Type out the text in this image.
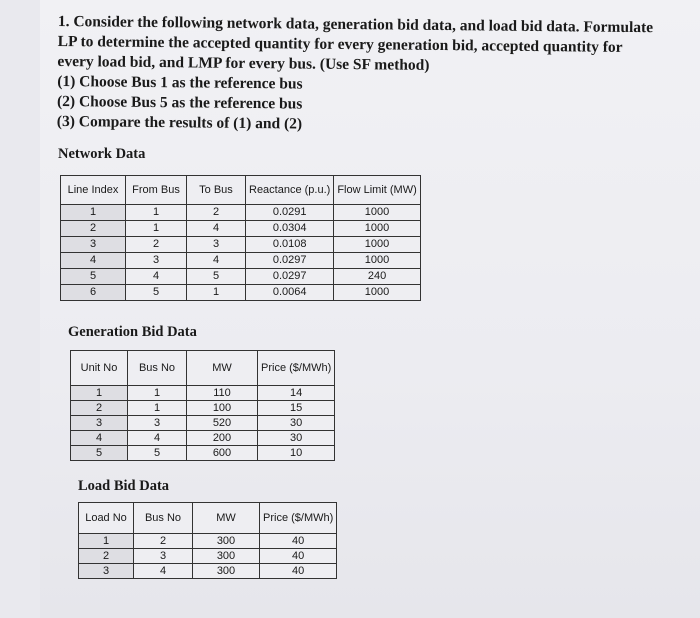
1. Consider the following network data, generation bid data, and load bid data. Formulate LP to determine the accepted quantity for every generation bid, accepted quantity for every load bid, and LMP for every bus. (Use SF method)

(1) Choose Bus 1 as the reference bus

(2) Choose Bus 5 as the reference bus

(3) Compare the results of (1) and (2)

Network Data
Line Index	From Bus	To Bus	Reactance (p.u.)	Flow Limit (MW)
1	1	2	0.0291	1000
2	1	4	0.0304	1000
3	2	3	0.0108	1000
4	3	4	0.0297	1000
5	4	5	0.0297	240
6	5	1	0.0064	1000
Generation Bid Data
Unit No	Bus No	MW	Price ($/MWh)
1	1	110	14
2	1	100	15
3	3	520	30
4	4	200	30
5	5	600	10
Load Bid Data
Load No	Bus No	MW	Price ($/MWh)
1	2	300	40
2	3	300	40
3	4	300	40
